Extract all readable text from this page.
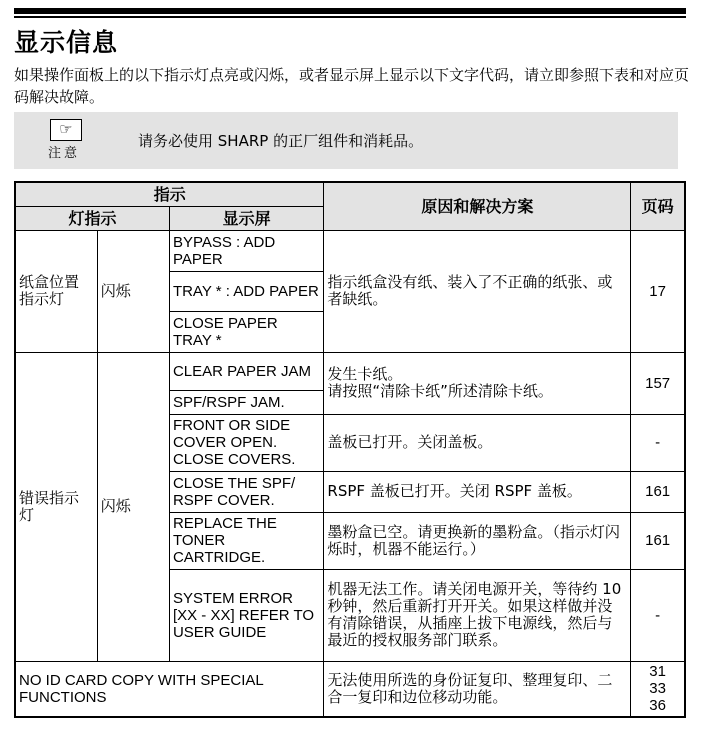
显示信息
如果操作面板上的以下指示灯点亮或闪烁，或者显示屏上显示以下文字代码，请立即参照下表和对应页码解决故障。
☞
注意
请务必使用 SHARP 的正厂组件和消耗品。
指示			原因和解决方案	页码
灯指示		显示屏		
纸盒位置指示灯	闪烁	BYPASS : ADD PAPER	指示纸盒没有纸、装入了不正确的纸张、或者缺纸。	17
		TRAY * : ADD PAPER		
		CLOSE PAPER TRAY *		
错误指示灯	闪烁	CLEAR PAPER JAM	发生卡纸。
请按照“清除卡纸”所述清除卡纸。	157
		SPF/RSPF JAM.		
		FRONT OR SIDE COVER OPEN. CLOSE COVERS.	盖板已打开。关闭盖板。	-
		CLOSE THE SPF/ RSPF COVER.	RSPF 盖板已打开。关闭 RSPF 盖板。	161
		REPLACE THE TONER CARTRIDGE.	墨粉盒已空。请更换新的墨粉盒。（指示灯闪烁时，机器不能运行。）	161
		SYSTEM ERROR [XX - XX] REFER TO USER GUIDE	机器无法工作。请关闭电源开关，等待约 10 秒钟，然后重新打开开关。如果这样做并没有清除错误，从插座上拔下电源线，然后与最近的授权服务部门联系。	-

NO ID CARD COPY WITH SPECIAL FUNCTIONS			无法使用所选的身份证复印、整理复印、二合一复印和边位移动功能。	31
33
36
